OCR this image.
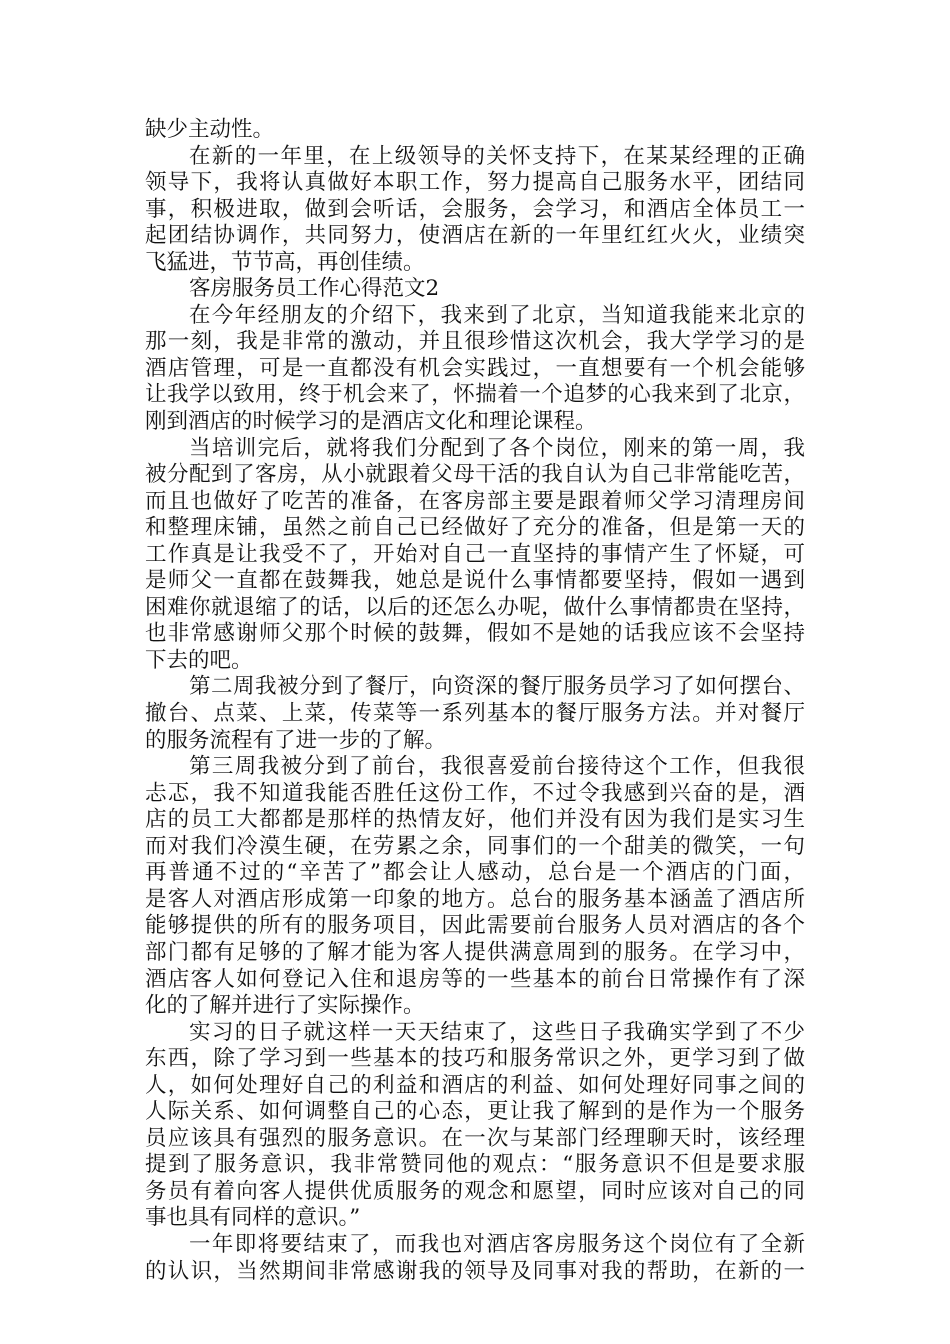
缺少主动性。
在新的一年里，在上级领导的关怀支持下，在某某经理的正确
领导下，我将认真做好本职工作，努力提高自己服务水平，团结同
事，积极进取，做到会听话，会服务，会学习，和酒店全体员工一
起团结协调作，共同努力，使酒店在新的一年里红红火火，业绩突
飞猛进，节节高，再创佳绩。
客房服务员工作心得范文2
在今年经朋友的介绍下，我来到了北京，当知道我能来北京的
那一刻，我是非常的激动，并且很珍惜这次机会，我大学学习的是
酒店管理，可是一直都没有机会实践过，一直想要有一个机会能够
让我学以致用，终于机会来了，怀揣着一个追梦的心我来到了北京，
刚到酒店的时候学习的是酒店文化和理论课程。
当培训完后，就将我们分配到了各个岗位，刚来的第一周，我
被分配到了客房，从小就跟着父母干活的我自认为自己非常能吃苦，
而且也做好了吃苦的准备，在客房部主要是跟着师父学习清理房间
和整理床铺，虽然之前自己已经做好了充分的准备，但是第一天的
工作真是让我受不了，开始对自己一直坚持的事情产生了怀疑，可
是师父一直都在鼓舞我，她总是说什么事情都要坚持，假如一遇到
困难你就退缩了的话，以后的还怎么办呢，做什么事情都贵在坚持，
也非常感谢师父那个时候的鼓舞，假如不是她的话我应该不会坚持
下去的吧。
第二周我被分到了餐厅，向资深的餐厅服务员学习了如何摆台、
撤台、点菜、上菜，传菜等一系列基本的餐厅服务方法。并对餐厅
的服务流程有了进一步的了解。
第三周我被分到了前台，我很喜爱前台接待这个工作，但我很
忐忑，我不知道我能否胜任这份工作，不过令我感到兴奋的是，酒
店的员工大都都是那样的热情友好，他们并没有因为我们是实习生
而对我们冷漠生硬，在劳累之余，同事们的一个甜美的微笑，一句
再普通不过的“辛苦了”都会让人感动，总台是一个酒店的门面，
是客人对酒店形成第一印象的地方。总台的服务基本涵盖了酒店所
能够提供的所有的服务项目，因此需要前台服务人员对酒店的各个
部门都有足够的了解才能为客人提供满意周到的服务。在学习中，
酒店客人如何登记入住和退房等的一些基本的前台日常操作有了深
化的了解并进行了实际操作。
实习的日子就这样一天天结束了，这些日子我确实学到了不少
东西，除了学习到一些基本的技巧和服务常识之外，更学习到了做
人，如何处理好自己的利益和酒店的利益、如何处理好同事之间的
人际关系、如何调整自己的心态，更让我了解到的是作为一个服务
员应该具有强烈的服务意识。在一次与某部门经理聊天时，该经理
提到了服务意识，我非常赞同他的观点：“服务意识不但是要求服
务员有着向客人提供优质服务的观念和愿望，同时应该对自己的同
事也具有同样的意识。”
一年即将要结束了，而我也对酒店客房服务这个岗位有了全新
的认识，当然期间非常感谢我的领导及同事对我的帮助，在新的一
